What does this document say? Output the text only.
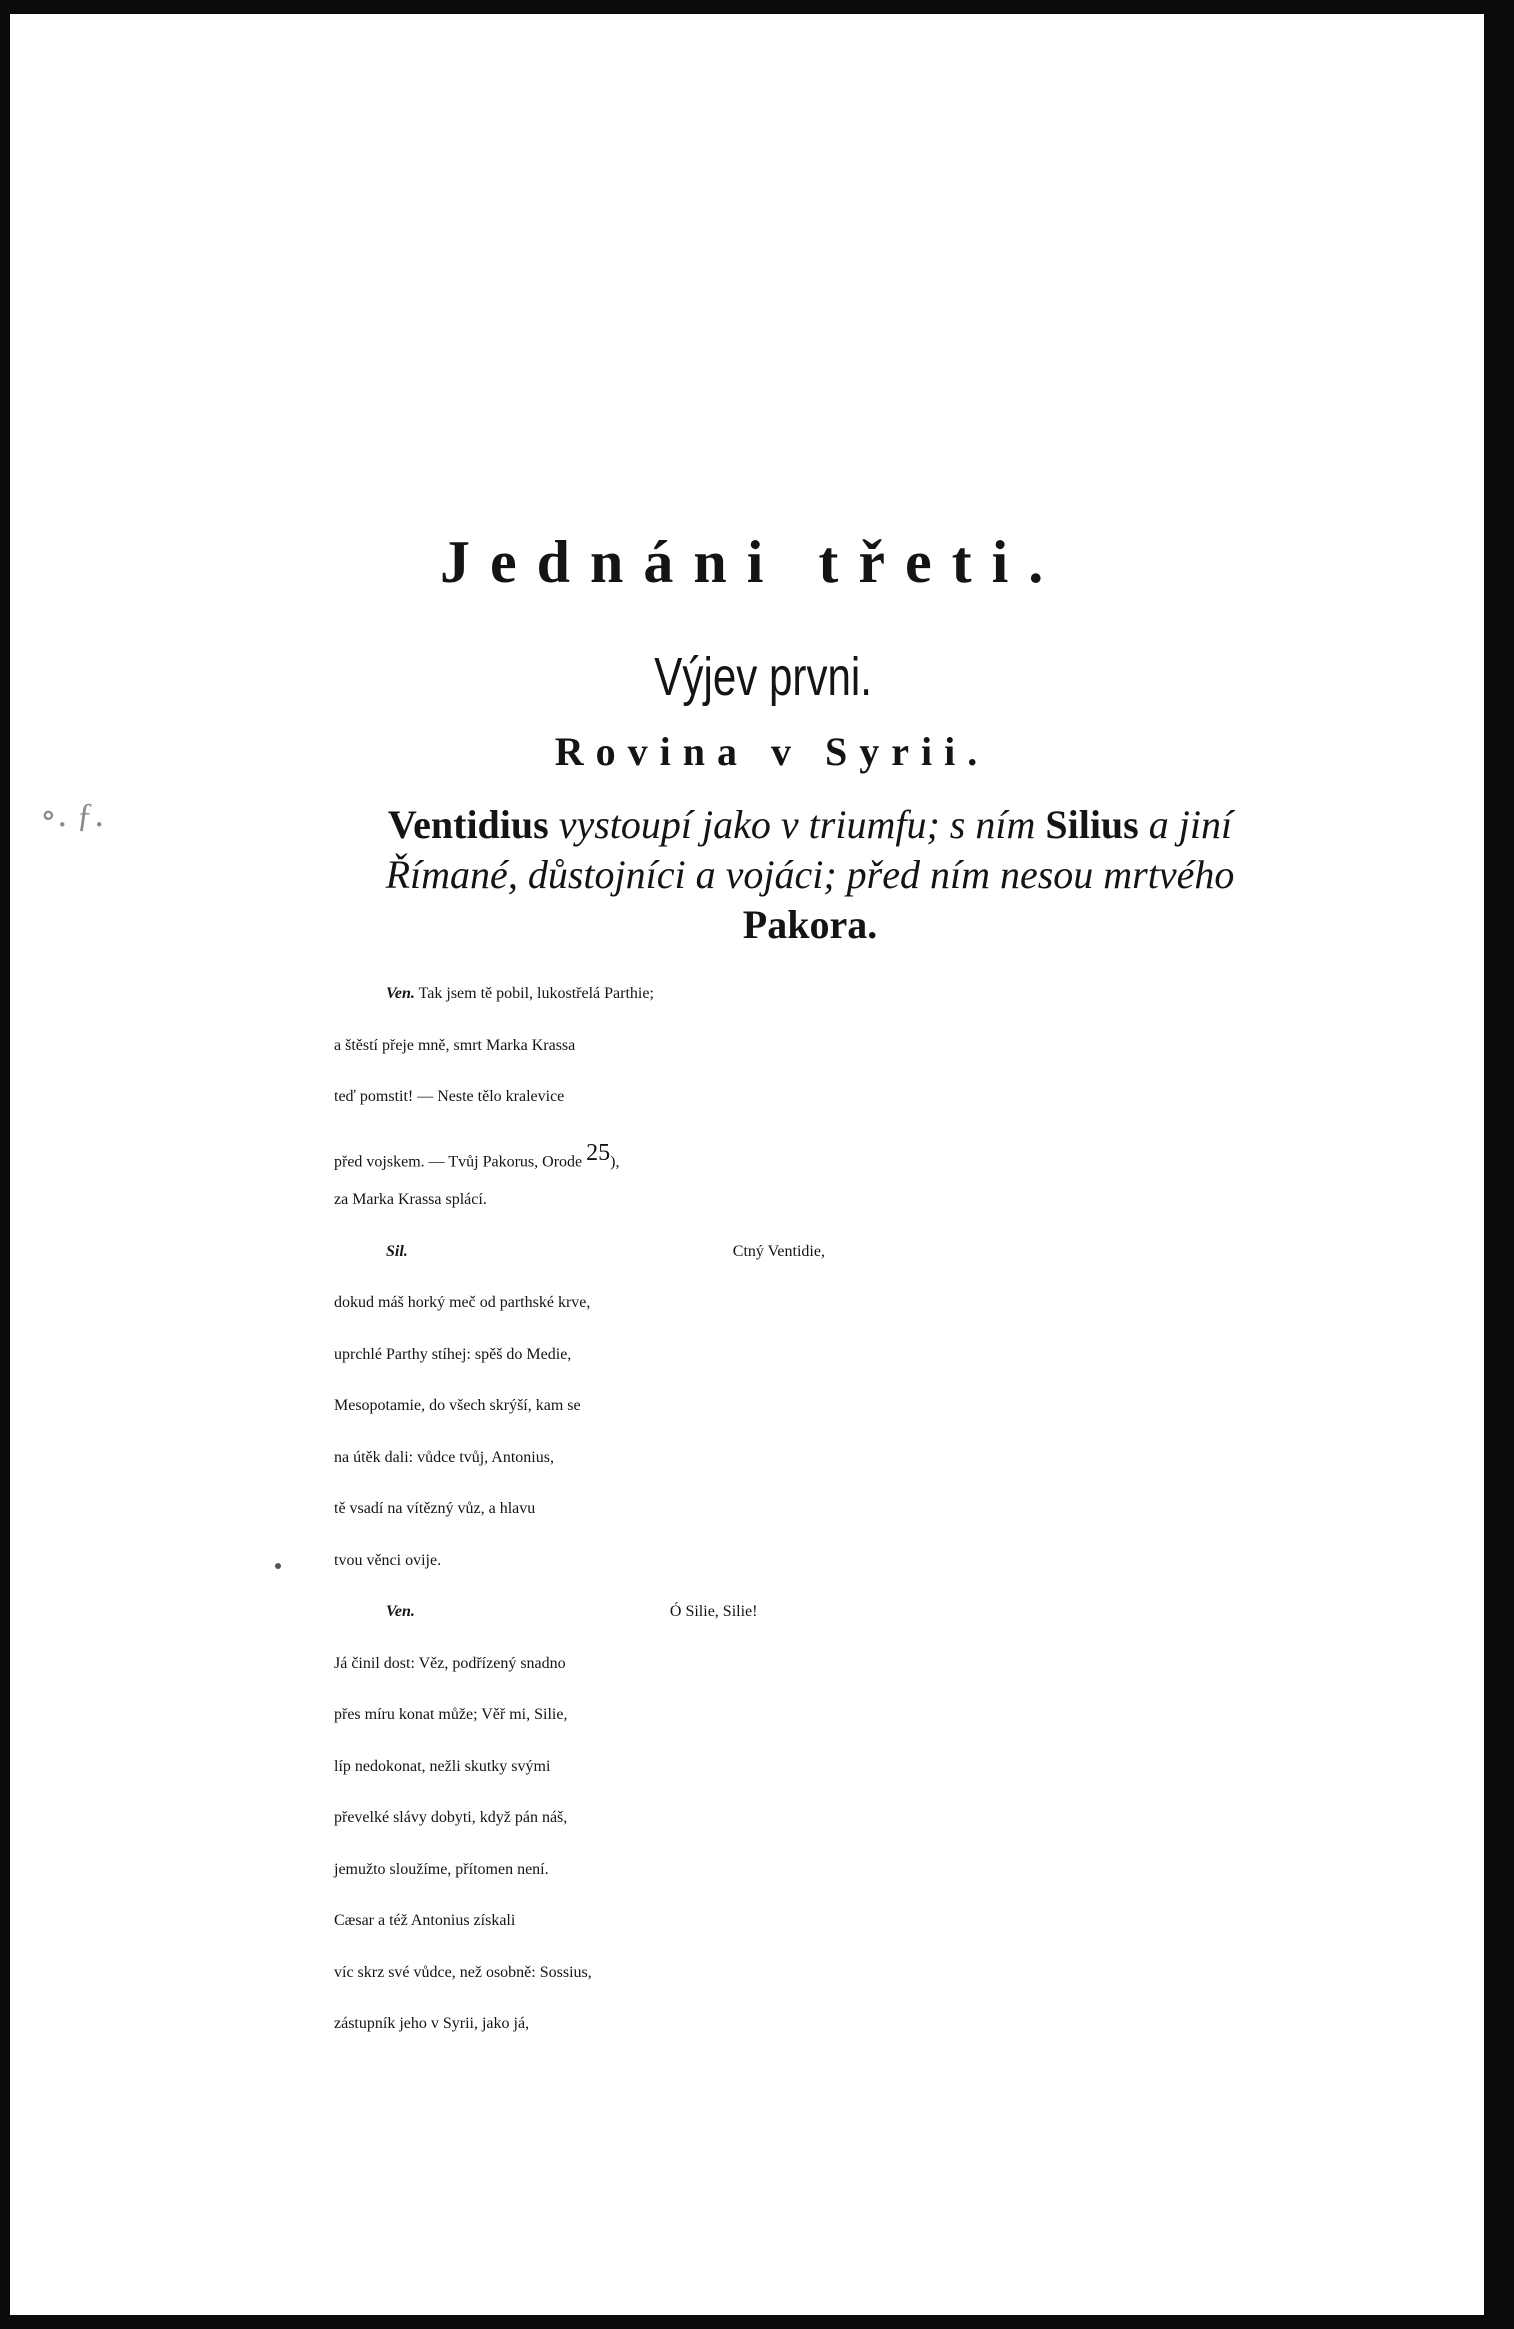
∘․ ƒ․
Jednáni třeti.
Výjev prvni.
Rovina v Syrii.
Ventidius vystoupí jako v triumfu; s ním Silius a jiní
Římané, důstojníci a vojáci; před ním nesou mrtvého
Pakora.
Ven. Tak jsem tě pobil, lukostřelá Parthie;
a štěstí přeje mně, smrt Marka Krassa
teď pomstit! — Neste tělo kralevice
před vojskem. — Tvůj Pakorus, Orode $^{25}$),
za Marka Krassa splácí.
Sil.	Ctný Ventidie,
dokud máš horký meč od parthské krve,
uprchlé Parthy stíhej: spěš do Medie,
Mesopotamie, do všech skrýší, kam se
na útěk dali: vůdce tvůj, Antonius,
tě vsadí na vítězný vůz, a hlavu
tvou věnci ovije.
Ven.	Ó Silie, Silie!
Já činil dost: Věz, podřízený snadno
přes míru konat může; Věř mi, Silie,
líp nedokonat, nežli skutky svými
převelké slávy dobyti, když pán náš,
jemužto sloužíme, přítomen není.
Cæsar a též Antonius získali
víc skrz své vůdce, než osobně: Sossius,
zástupník jeho v Syrii, jako já,
